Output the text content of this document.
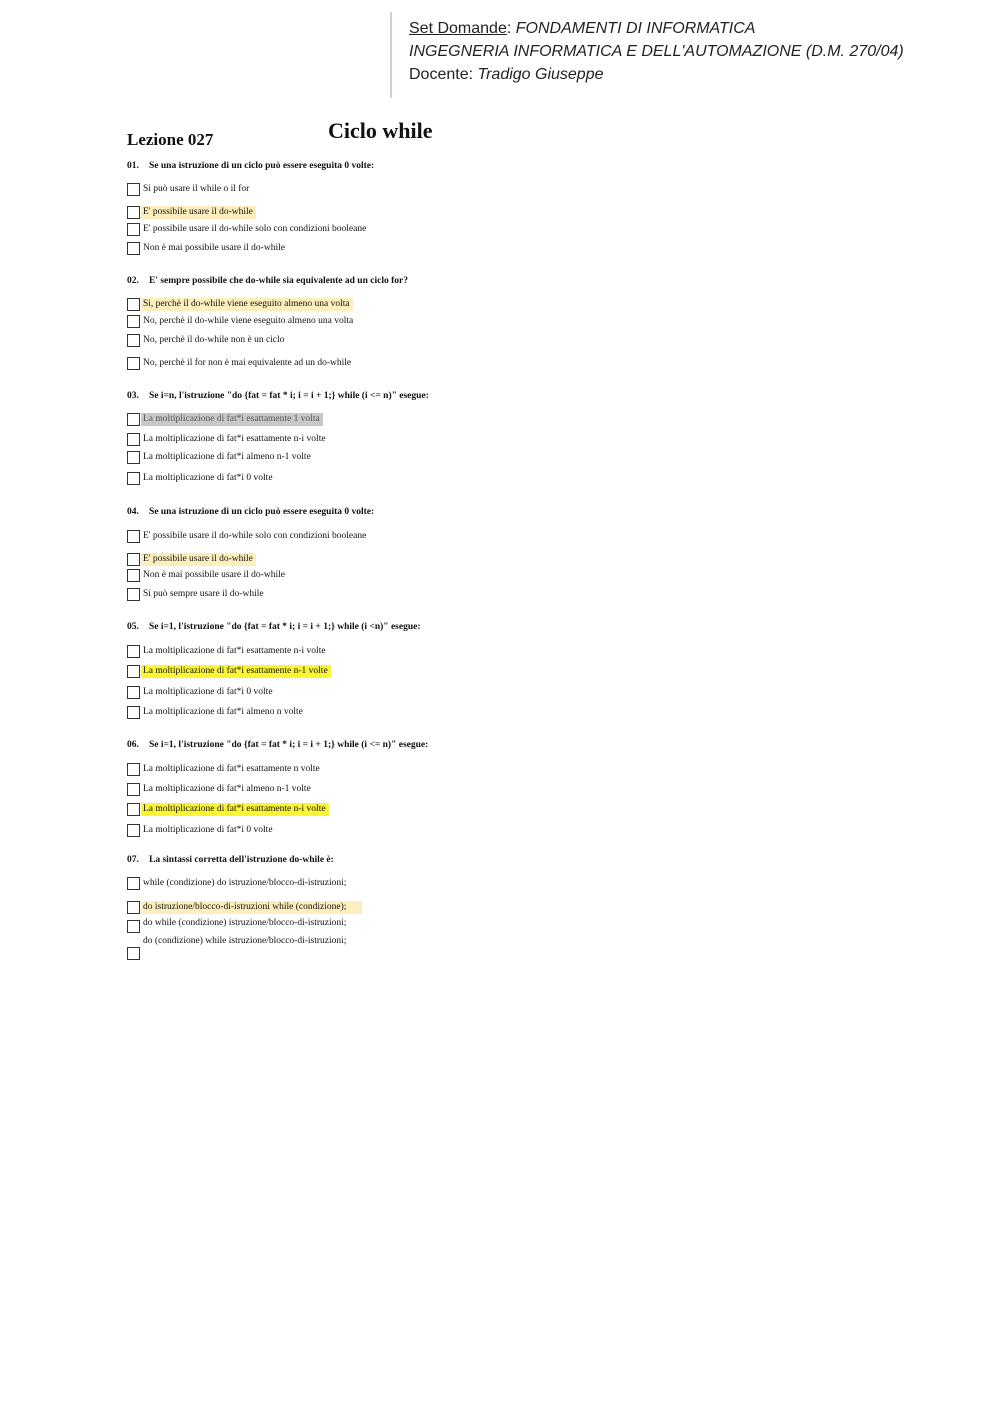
Set Domande: FONDAMENTI DI INFORMATICA
INGEGNERIA INFORMATICA E DELL'AUTOMAZIONE (D.M. 270/04)
Docente: Tradigo Giuseppe
Lezione 027	Ciclo while
01. Se una istruzione di un ciclo può essere eseguita 0 volte:
Si può usare il while o il for
E' possibile usare il do-while
E' possibile usare il do-while solo con condizioni booleane
Non è mai possibile usare il do-while
02. E' sempre possibile che do-while sia equivalente ad un ciclo for?
Si, perchè il do-while viene eseguito almeno una volta
No, perchè il do-while viene eseguito almeno una volta
No, perchè il do-while non è un ciclo
No, perchè il for non è mai equivalente ad un do-while
03. Se i=n, l'istruzione "do {fat = fat * i; i = i + 1;} while (i <= n)" esegue:
La moltiplicazione di fat*i esattamente 1 volta
La moltiplicazione di fat*i esattamente n-i volte
La moltiplicazione di fat*i almeno n-1 volte
La moltiplicazione di fat*i 0 volte
04. Se una istruzione di un ciclo può essere eseguita 0 volte:
E' possibile usare il do-while solo con condizioni booleane
E' possibile usare il do-while
Non è mai possibile usare il do-while
Si può sempre usare il do-while
05. Se i=1, l'istruzione "do {fat = fat * i; i = i + 1;} while (i <n)" esegue:
La moltiplicazione di fat*i esattamente n-i volte
La moltiplicazione di fat*i esattamente n-1 volte
La moltiplicazione di fat*i 0 volte
La moltiplicazione di fat*i almeno n volte
06. Se i=1, l'istruzione "do {fat = fat * i; i = i + 1;} while (i <= n)" esegue:
La moltiplicazione di fat*i esattamente n volte
La moltiplicazione di fat*i almeno n-1 volte
La moltiplicazione di fat*i esattamente n-i volte
La moltiplicazione di fat*i 0 volte
07. La sintassi corretta dell'istruzione do-while è:
while (condizione) do istruzione/blocco-di-istruzioni;
do istruzione/blocco-di-istruzioni while (condizione);
do while (condizione) istruzione/blocco-di-istruzioni;
do (condizione) while istruzione/blocco-di-istruzioni;
